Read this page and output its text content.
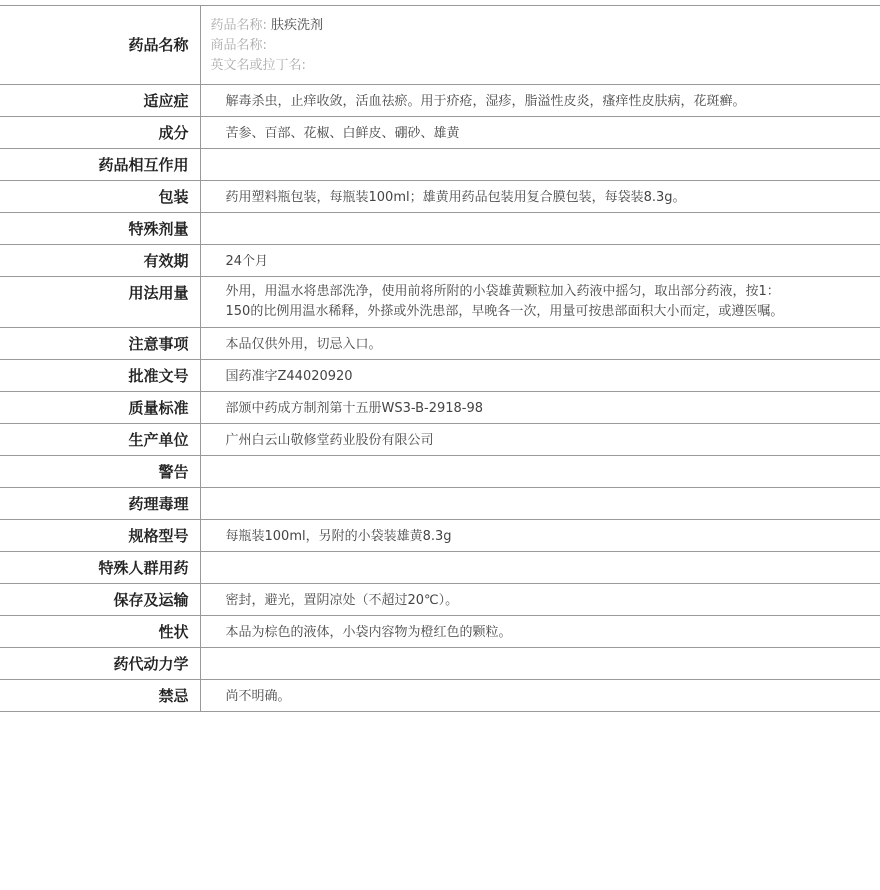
药品名称	药品名称: 肤疾洗剂
商品名称:
英文名或拉丁名:

适应症	解毒杀虫，止痒收敛，活血祛瘀。用于疥疮，湿疹，脂溢性皮炎，瘙痒性皮肤病，花斑癣。
成分	苦参、百部、花椒、白鲜皮、硼砂、雄黄
药品相互作用	
包装	药用塑料瓶包装，每瓶装100ml；雄黄用药品包装用复合膜包装，每袋装8.3g。
特殊剂量	
有效期	24个月
用法用量	外用，用温水将患部洗净，使用前将所附的小袋雄黄颗粒加入药液中摇匀，取出部分药液，按1：150的比例用温水稀释，外搽或外洗患部，早晚各一次，用量可按患部面积大小而定，或遵医嘱。
注意事项	本品仅供外用，切忌入口。
批准文号	国药准字Z44020920
质量标准	部颁中药成方制剂第十五册WS3-B-2918-98
生产单位	广州白云山敬修堂药业股份有限公司
警告	
药理毒理	
规格型号	每瓶装100ml，另附的小袋装雄黄8.3g
特殊人群用药	
保存及运输	密封，避光，置阴凉处（不超过20℃）。
性状	本品为棕色的液体，小袋内容物为橙红色的颗粒。
药代动力学	
禁忌	尚不明确。
